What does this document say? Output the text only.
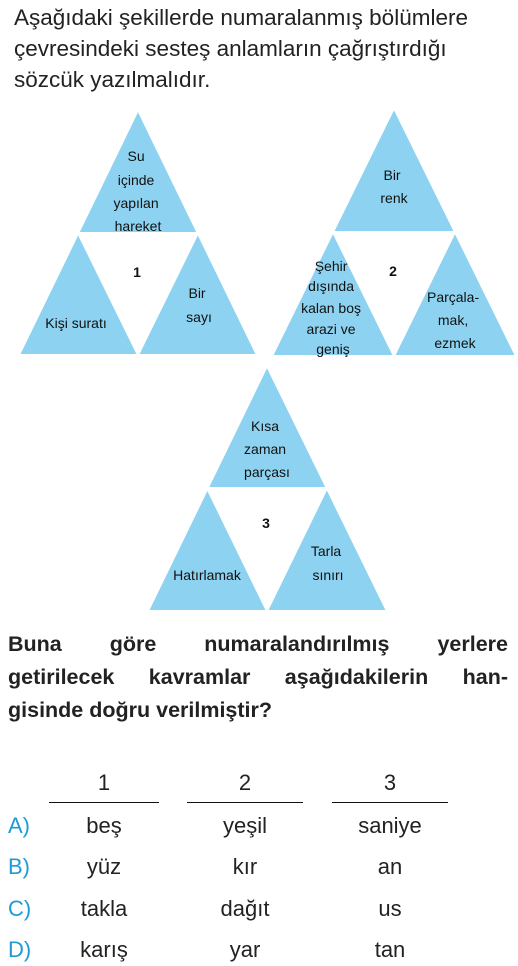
Aşağıdaki şekillerde numaralanmış bölümlere
çevresindeki sesteş anlamların çağrıştırdığı
sözcük yazılmalıdır.
1
Su içinde yapılan hareket
Kişi suratı
Bir sayı
2
Bir renk
Şehir dışında kalan boş arazi ve geniş
Parçala- mak, ezmek
3
Kısa zaman parçası
Hatırlamak
Tarla sınırı
Buna göre numaralandırılmış yerlere
getirilecek kavramlar aşağıdakilerin han-
gisinde doğru verilmiştir?
1	2	3
A)	beş	yeşil	saniye
B)	yüz	kır	an
C)	takla	dağıt	us
D)	karış	yar	tan
